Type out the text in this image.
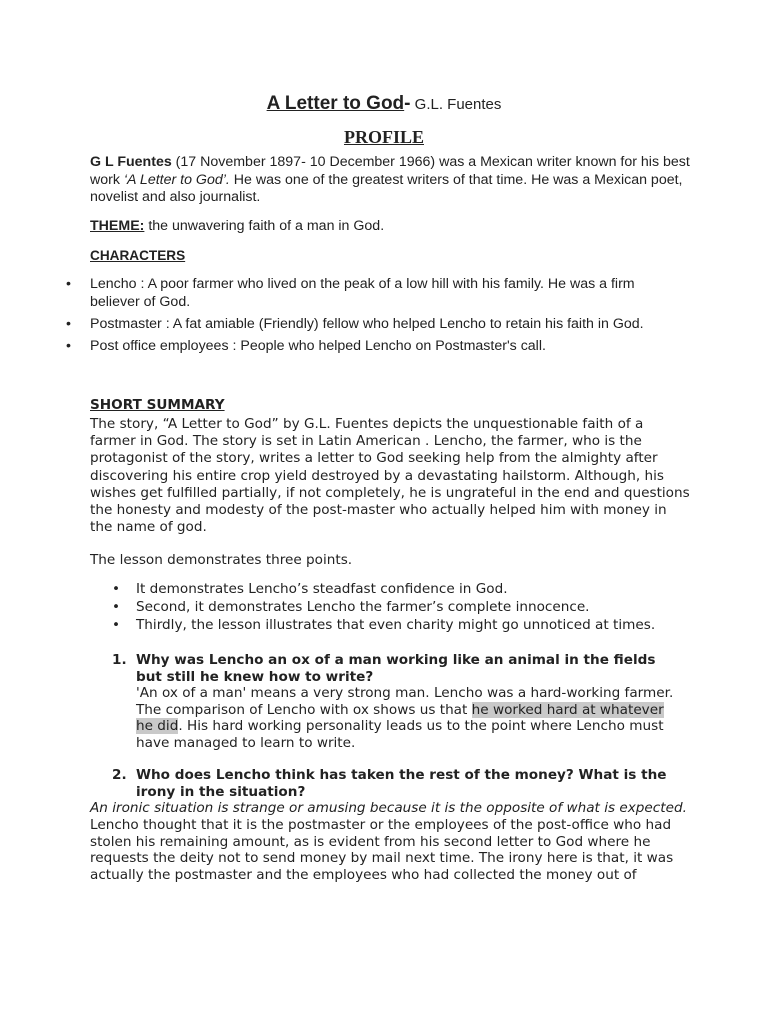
A Letter to God- G.L. Fuentes
PROFILE
G L Fuentes (17 November 1897- 10 December 1966) was a Mexican writer known for his best work ‘A Letter to God’. He was one of the greatest writers of that time. He was a Mexican poet, novelist and also journalist.
THEME: the unwavering faith of a man in God.
CHARACTERS
• Lencho : A poor farmer who lived on the peak of a low hill with his family. He was a firm believer of God.
• Postmaster : A fat amiable (Friendly) fellow who helped Lencho to retain his faith in God.
• Post office employees : People who helped Lencho on Postmaster's call.
SHORT SUMMARY
The story, “A Letter to God” by G.L. Fuentes depicts the unquestionable faith of a farmer in God. The story is set in Latin American . Lencho, the farmer, who is the protagonist of the story, writes a letter to God seeking help from the almighty after discovering his entire crop yield destroyed by a devastating hailstorm. Although, his wishes get fulfilled partially, if not completely, he is ungrateful in the end and questions the honesty and modesty of the post-master who actually helped him with money in the name of god.
The lesson demonstrates three points.
• It demonstrates Lencho’s steadfast confidence in God.
• Second, it demonstrates Lencho the farmer’s complete innocence.
• Thirdly, the lesson illustrates that even charity might go unnoticed at times.
1. Why was Lencho an ox of a man working like an animal in the fields but still he knew how to write?
'An ox of a man' means a very strong man. Lencho was a hard-working farmer. The comparison of Lencho with ox shows us that he worked hard at whatever he did. His hard working personality leads us to the point where Lencho must have managed to learn to write.
2. Who does Lencho think has taken the rest of the money? What is the irony in the situation?
An ironic situation is strange or amusing because it is the opposite of what is expected.
Lencho thought that it is the postmaster or the employees of the post-office who had stolen his remaining amount, as is evident from his second letter to God where he requests the deity not to send money by mail next time. The irony here is that, it was actually the postmaster and the employees who had collected the money out of
